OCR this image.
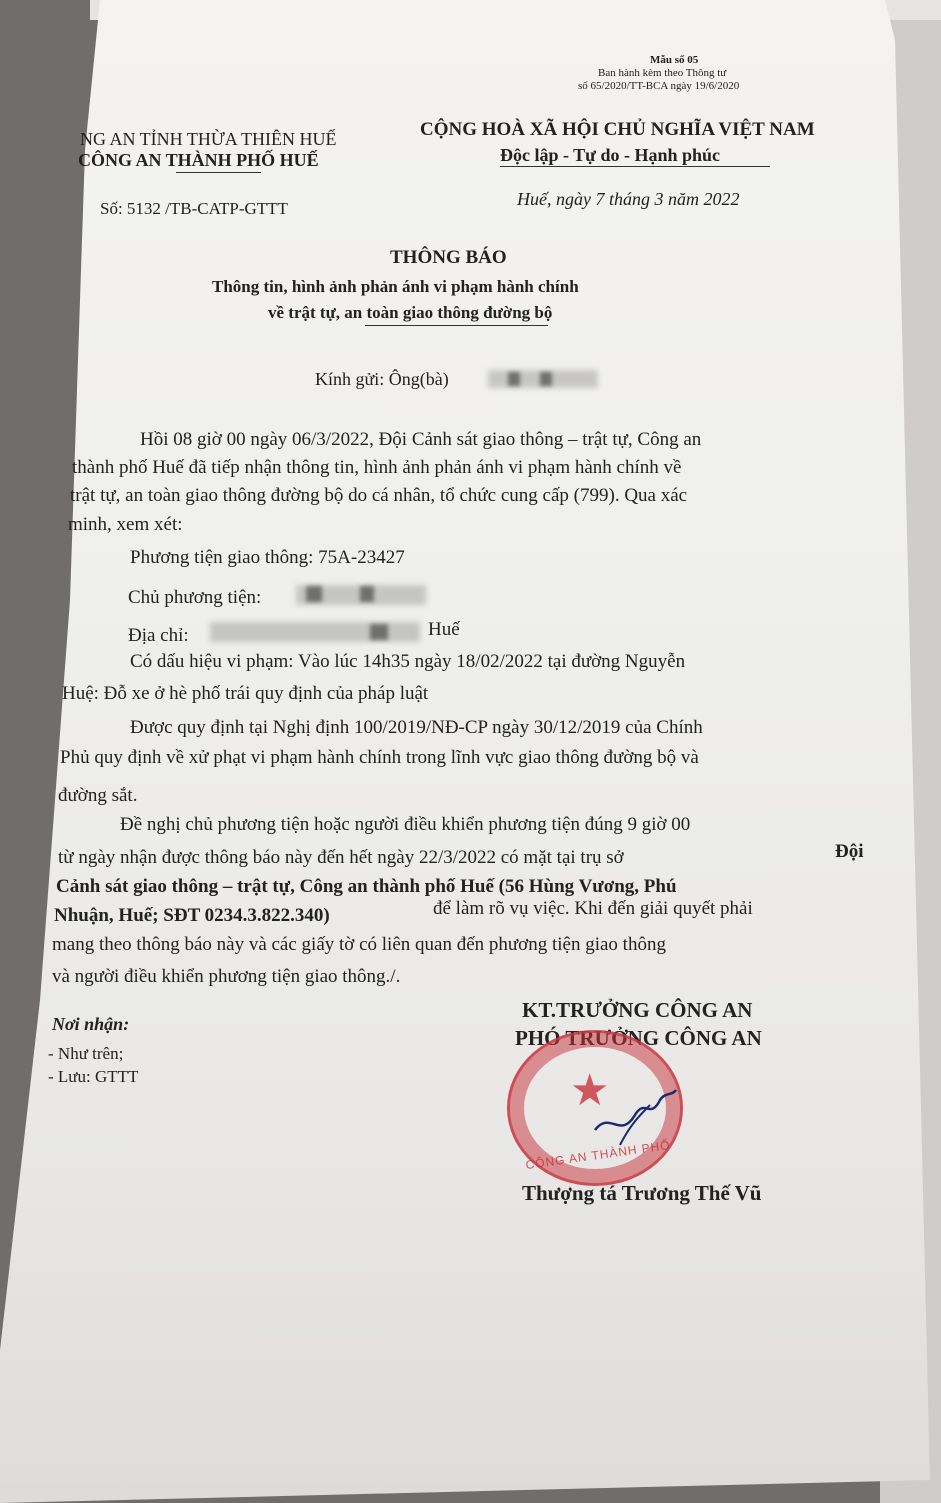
Mẫu số 05
Ban hành kèm theo Thông tư
số 65/2020/TT-BCA ngày 19/6/2020
NG AN TỈNH THỪA THIÊN HUẾ
CÔNG AN THÀNH PHỐ HUẾ
CỘNG HOÀ XÃ HỘI CHỦ NGHĨA VIỆT NAM
Độc lập - Tự do - Hạnh phúc
Số: 5132 /TB-CATP-GTTT	Huế, ngày 7 tháng 3 năm 2022
THÔNG BÁO
Thông tin, hình ảnh phản ánh vi phạm hành chính
về trật tự, an toàn giao thông đường bộ
Kính gửi: Ông(bà)
Hồi 08 giờ 00 ngày 06/3/2022, Đội Cảnh sát giao thông – trật tự, Công an
thành phố Huế đã tiếp nhận thông tin, hình ảnh phản ánh vi phạm hành chính về
trật tự, an toàn giao thông đường bộ do cá nhân, tổ chức cung cấp (799). Qua xác
minh, xem xét:
Phương tiện giao thông: 75A-23427
Chủ phương tiện:
Địa chỉ:	Huế
Có dấu hiệu vi phạm: Vào lúc 14h35 ngày 18/02/2022 tại đường Nguyễn
Huệ: Đỗ xe ở hè phố trái quy định của pháp luật
Được quy định tại Nghị định 100/2019/NĐ-CP ngày 30/12/2019 của Chính
Phủ quy định về xử phạt vi phạm hành chính trong lĩnh vực giao thông đường bộ và
đường sắt.
Đề nghị chủ phương tiện hoặc người điều khiển phương tiện đúng 9 giờ 00
từ ngày nhận được thông báo này đến hết ngày 22/3/2022 có mặt tại trụ sở	Đội
Cảnh sát giao thông – trật tự, Công an thành phố Huế (56 Hùng Vương, Phú
Nhuận, Huế; SĐT 0234.3.822.340)	để làm rõ vụ việc. Khi đến giải quyết phải
mang theo thông báo này và các giấy tờ có liên quan đến phương tiện giao thông
và người điều khiển phương tiện giao thông./.
Nơi nhận:
- Như trên;
- Lưu: GTTT
KT.TRƯỞNG CÔNG AN
PHÓ TRƯỞNG CÔNG AN
★
CÔNG AN THÀNH PHỐ
Thượng tá Trương Thế Vũ
